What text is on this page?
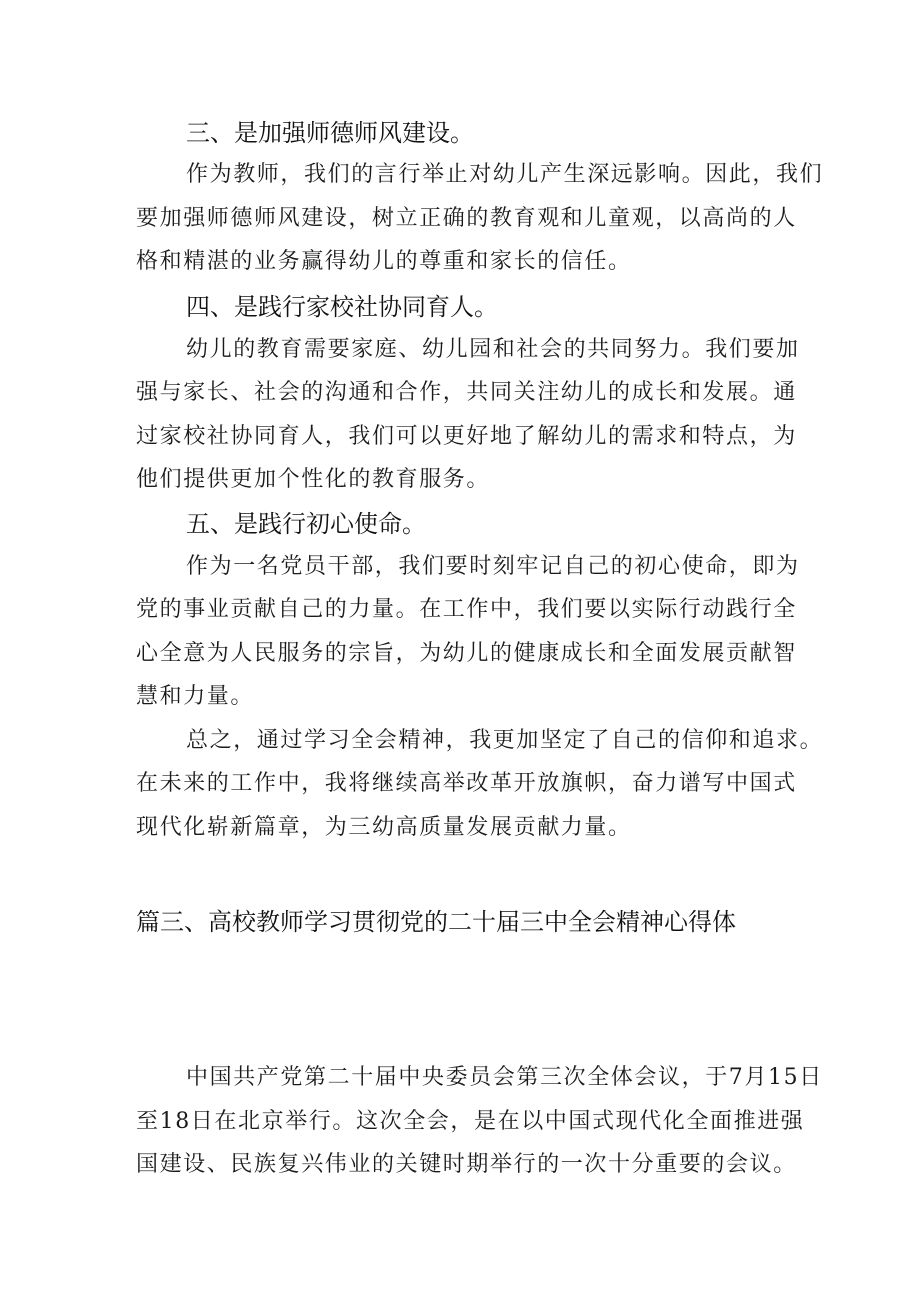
三、是加强师德师风建设。
作为教师，我们的言行举止对幼儿产生深远影响。因此，我们
要加强师德师风建设，树立正确的教育观和儿童观，以高尚的人
格和精湛的业务赢得幼儿的尊重和家长的信任。
四、是践行家校社协同育人。
幼儿的教育需要家庭、幼儿园和社会的共同努力。我们要加
强与家长、社会的沟通和合作，共同关注幼儿的成长和发展。通
过家校社协同育人，我们可以更好地了解幼儿的需求和特点，为
他们提供更加个性化的教育服务。
五、是践行初心使命。
作为一名党员干部，我们要时刻牢记自己的初心使命，即为
党的事业贡献自己的力量。在工作中，我们要以实际行动践行全
心全意为人民服务的宗旨，为幼儿的健康成长和全面发展贡献智
慧和力量。
总之，通过学习全会精神，我更加坚定了自己的信仰和追求。
在未来的工作中，我将继续高举改革开放旗帜，奋力谱写中国式
现代化崭新篇章，为三幼高质量发展贡献力量。
篇三、高校教师学习贯彻党的二十届三中全会精神心得体
中国共产党第二十届中央委员会第三次全体会议，于7月15日
至18日在北京举行。这次全会，是在以中国式现代化全面推进强
国建设、民族复兴伟业的关键时期举行的一次十分重要的会议。
